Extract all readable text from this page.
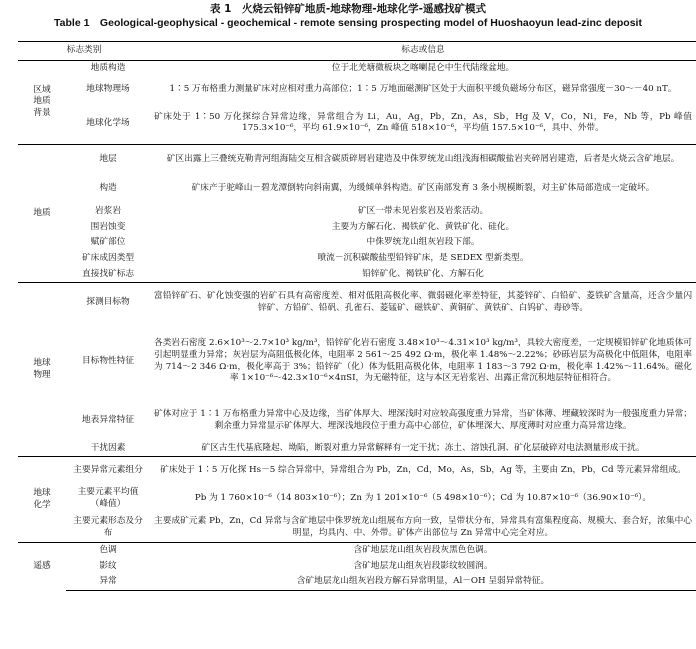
表 1　火烧云铅锌矿地质-地球物理-地球化学-遥感找矿模式
Table 1　Geological-geophysical - geochemical - remote sensing prospecting model of Huoshaoyun lead-zinc deposit
标志类别		标志或信息
区域
地质
背景	地质构造	位于北羌塘微板块之喀喇昆仑中生代陆缘盆地。
	地球物理场	1∶5 万布格重力测量矿床对应相对重力高部位；1∶5 万地面磁测矿区处于大面积平缓负磁场分布区，磁异常强度－30～－40 nT。
	地球化学场	矿床处于 1∶50 万化探综合异常边缘，异常组合为 Li，Au，Ag，Pb，Zn，As，Sb，Hg 及 V，Co，Ni，Fe，Nb 等，Pb 峰值 175.3×10⁻⁶，平均 61.9×10⁻⁶，Zn 峰值 518×10⁻⁶，平均值 157.5×10⁻⁶，具中、外带。
地质	地层	矿区出露上三叠统克勒青河组海陆交互相含碳质碎屑岩建造及中侏罗统龙山组浅海相碳酸盐岩夹碎屑岩建造，后者是火烧云含矿地层。
	构造	矿床产于驼峰山－碧龙潭倒转向斜南翼，为缓倾单斜构造。矿区南部发育 3 条小规模断裂，对主矿体局部造成一定破坏。
	岩浆岩	矿区一带未见岩浆岩及岩浆活动。
	围岩蚀变	主要为方解石化、褐铁矿化、黄铁矿化、硅化。
	赋矿部位	中侏罗统龙山组灰岩段下部。
	矿床成因类型	喷流－沉积碳酸盐型铅锌矿床，是 SEDEX 型新类型。
	直接找矿标志	铅锌矿化、褐铁矿化、方解石化
地球
物理	探测目标物	富铅锌矿石、矿化蚀变强的岩矿石具有高密度差、相对低阻高极化率、微弱磁化率差特征，其菱锌矿、白铅矿、菱铁矿含量高，还含少量闪锌矿、方铅矿、铅矾、孔雀石、菱锰矿、磁铁矿、黄铜矿、黄铁矿、白钨矿、毒砂等。
	目标物性特征	各类岩石密度 2.6×10³～2.7×10³ kg/m³，铅锌矿化岩石密度 3.48×10³～4.31×10³ kg/m³，具较大密度差，一定规模铅锌矿化地质体可引起明显重力异常；灰岩层为高阻低极化体，电阻率 2 561～25 492 Ω·m，极化率 1.48%～2.22%；砂砾岩层为高极化中低阻体，电阻率为 714～2 346 Ω·m，极化率高于 3%；铅锌矿（化）体为低阻高极化体，电阻率 1 183～3 792 Ω·m，极化率 1.42%～11.64%。磁化率 1×10⁻⁶～42.3×10⁻⁶×4πSI，为无磁特征，这与本区无岩浆岩、出露正常沉积地层特征相符合。
	地表异常特征	矿体对应于 1∶1 万布格重力异常中心及边缘，当矿体厚大、埋深浅时对应较高强度重力异常，当矿体薄、埋藏较深时为一般强度重力异常；剩余重力异常显示矿体厚大、埋深浅地段位于重力高中心部位，矿体埋深大、厚度薄时对应重力高异常边缘。
	干扰因素	矿区古生代基底隆起、坳陷，断裂对重力异常解释有一定干扰；冻土、溶蚀孔洞、矿化层破碎对电法测量形成干扰。
地球
化学	主要异常元素组分	矿床处于 1∶5 万化探 Hs－5 综合异常中，异常组合为 Pb，Zn，Cd，Mo，As，Sb，Ag 等，主要由 Zn，Pb，Cd 等元素异常组成。
	主要元素平均值（峰值）	Pb 为 1 760×10⁻⁶（14 803×10⁻⁶）；Zn 为 1 201×10⁻⁶（5 498×10⁻⁶）；Cd 为 10.87×10⁻⁶（36.90×10⁻⁶）。
	主要元素形态及分布	主要成矿元素 Pb，Zn，Cd 异常与含矿地层中侏罗统龙山组展布方向一致，呈带状分布，异常具有富集程度高、规模大、套合好，浓集中心明显，均具内、中、外带。矿体产出部位与 Zn 异常中心完全对应。
遥感	色调	含矿地层龙山组灰岩段灰黑色色调。
	影纹	含矿地层龙山组灰岩段影纹较圆润。
	异常	含矿地层龙山组灰岩段方解石异常明显，Al－OH 呈弱异常特征。
